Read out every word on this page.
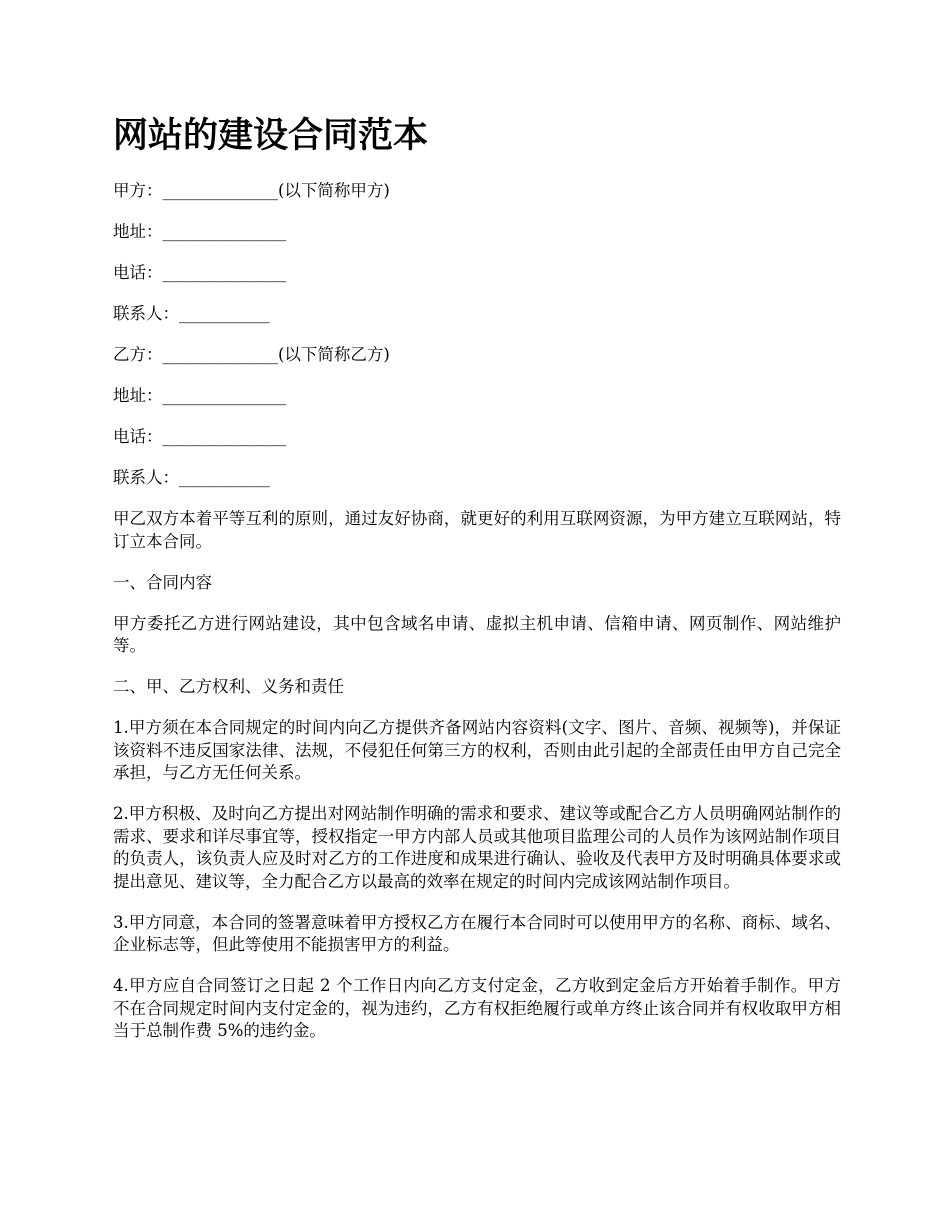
网站的建设合同范本

甲方：______________(以下简称甲方)

地址：_______________

电话：_______________

联系人：___________

乙方：______________(以下简称乙方)

地址：_______________

电话：_______________

联系人：___________

甲乙双方本着平等互利的原则，通过友好协商，就更好的利用互联网资源，为甲方建立互联网站，特订立本合同。

一、合同内容

甲方委托乙方进行网站建设，其中包含域名申请、虚拟主机申请、信箱申请、网页制作、网站维护等。

二、甲、乙方权利、义务和责任

1.甲方须在本合同规定的时间内向乙方提供齐备网站内容资料(文字、图片、音频、视频等)，并保证该资料不违反国家法律、法规，不侵犯任何第三方的权利，否则由此引起的全部责任由甲方自己完全承担，与乙方无任何关系。

2.甲方积极、及时向乙方提出对网站制作明确的需求和要求、建议等或配合乙方人员明确网站制作的需求、要求和详尽事宜等，授权指定一甲方内部人员或其他项目监理公司的人员作为该网站制作项目的负责人，该负责人应及时对乙方的工作进度和成果进行确认、验收及代表甲方及时明确具体要求或提出意见、建议等，全力配合乙方以最高的效率在规定的时间内完成该网站制作项目。

3.甲方同意，本合同的签署意味着甲方授权乙方在履行本合同时可以使用甲方的名称、商标、域名、企业标志等，但此等使用不能损害甲方的利益。

4.甲方应自合同签订之日起 2 个工作日内向乙方支付定金，乙方收到定金后方开始着手制作。甲方不在合同规定时间内支付定金的，视为违约，乙方有权拒绝履行或单方终止该合同并有权收取甲方相当于总制作费 5%的违约金。
